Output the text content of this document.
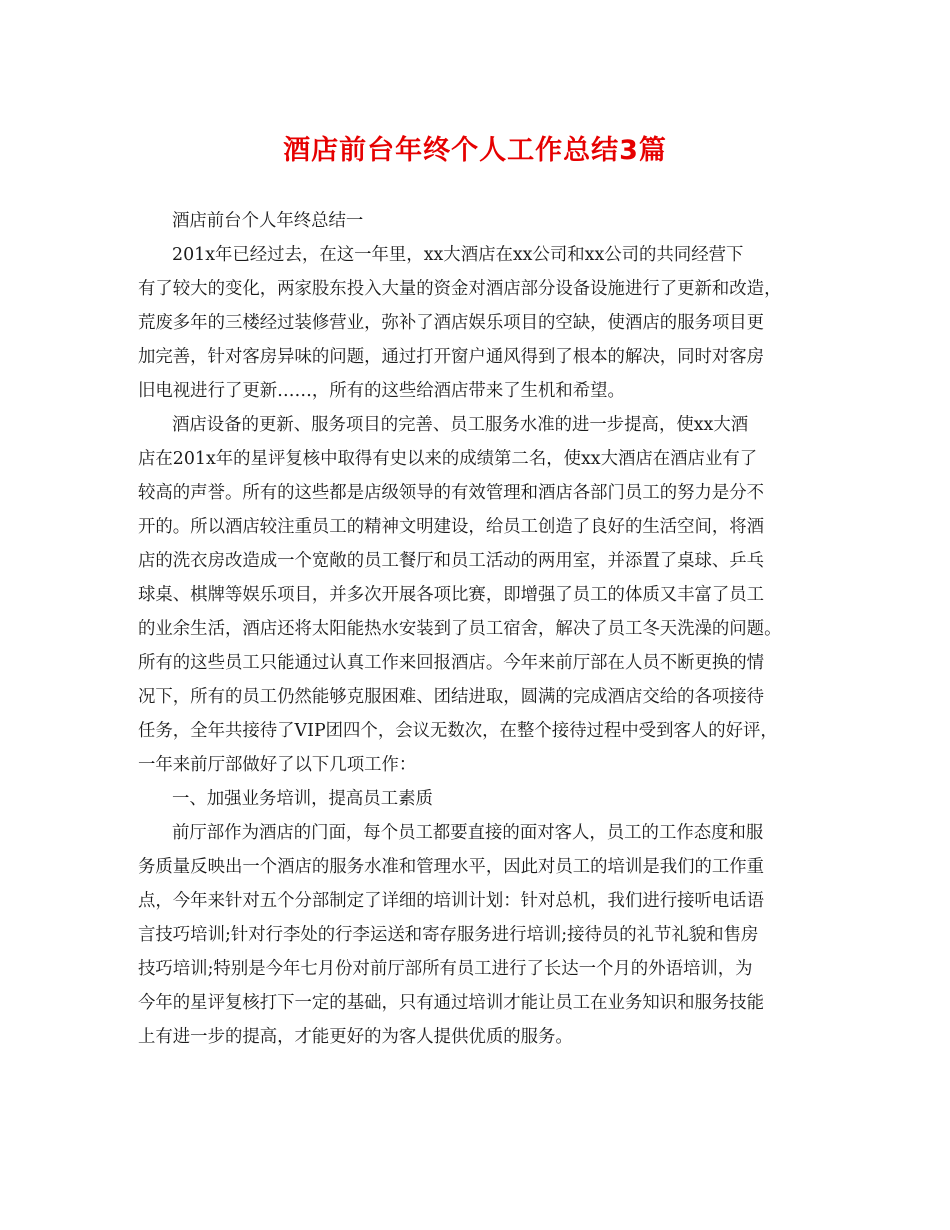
酒店前台年终个人工作总结3篇

酒店前台个人年终总结一

201x年已经过去，在这一年里，xx大酒店在xx公司和xx公司的共同经营下

有了较大的变化，两家股东投入大量的资金对酒店部分设备设施进行了更新和改造，

荒废多年的三楼经过装修营业，弥补了酒店娱乐项目的空缺，使酒店的服务项目更

加完善，针对客房异味的问题，通过打开窗户通风得到了根本的解决，同时对客房

旧电视进行了更新……，所有的这些给酒店带来了生机和希望。

酒店设备的更新、服务项目的完善、员工服务水准的进一步提高，使xx大酒

店在201x年的星评复核中取得有史以来的成绩第二名，使xx大酒店在酒店业有了

较高的声誉。所有的这些都是店级领导的有效管理和酒店各部门员工的努力是分不

开的。所以酒店较注重员工的精神文明建设，给员工创造了良好的生活空间，将酒

店的洗衣房改造成一个宽敞的员工餐厅和员工活动的两用室，并添置了桌球、乒乓

球桌、棋牌等娱乐项目，并多次开展各项比赛，即增强了员工的体质又丰富了员工

的业余生活，酒店还将太阳能热水安装到了员工宿舍，解决了员工冬天洗澡的问题。

所有的这些员工只能通过认真工作来回报酒店。今年来前厅部在人员不断更换的情

况下，所有的员工仍然能够克服困难、团结进取，圆满的完成酒店交给的各项接待

任务，全年共接待了VIP团四个，会议无数次，在整个接待过程中受到客人的好评，

一年来前厅部做好了以下几项工作：

一、加强业务培训，提高员工素质

前厅部作为酒店的门面，每个员工都要直接的面对客人，员工的工作态度和服

务质量反映出一个酒店的服务水准和管理水平，因此对员工的培训是我们的工作重

点，今年来针对五个分部制定了详细的培训计划：针对总机，我们进行接听电话语

言技巧培训;针对行李处的行李运送和寄存服务进行培训;接待员的礼节礼貌和售房

技巧培训;特别是今年七月份对前厅部所有员工进行了长达一个月的外语培训，为

今年的星评复核打下一定的基础，只有通过培训才能让员工在业务知识和服务技能

上有进一步的提高，才能更好的为客人提供优质的服务。
